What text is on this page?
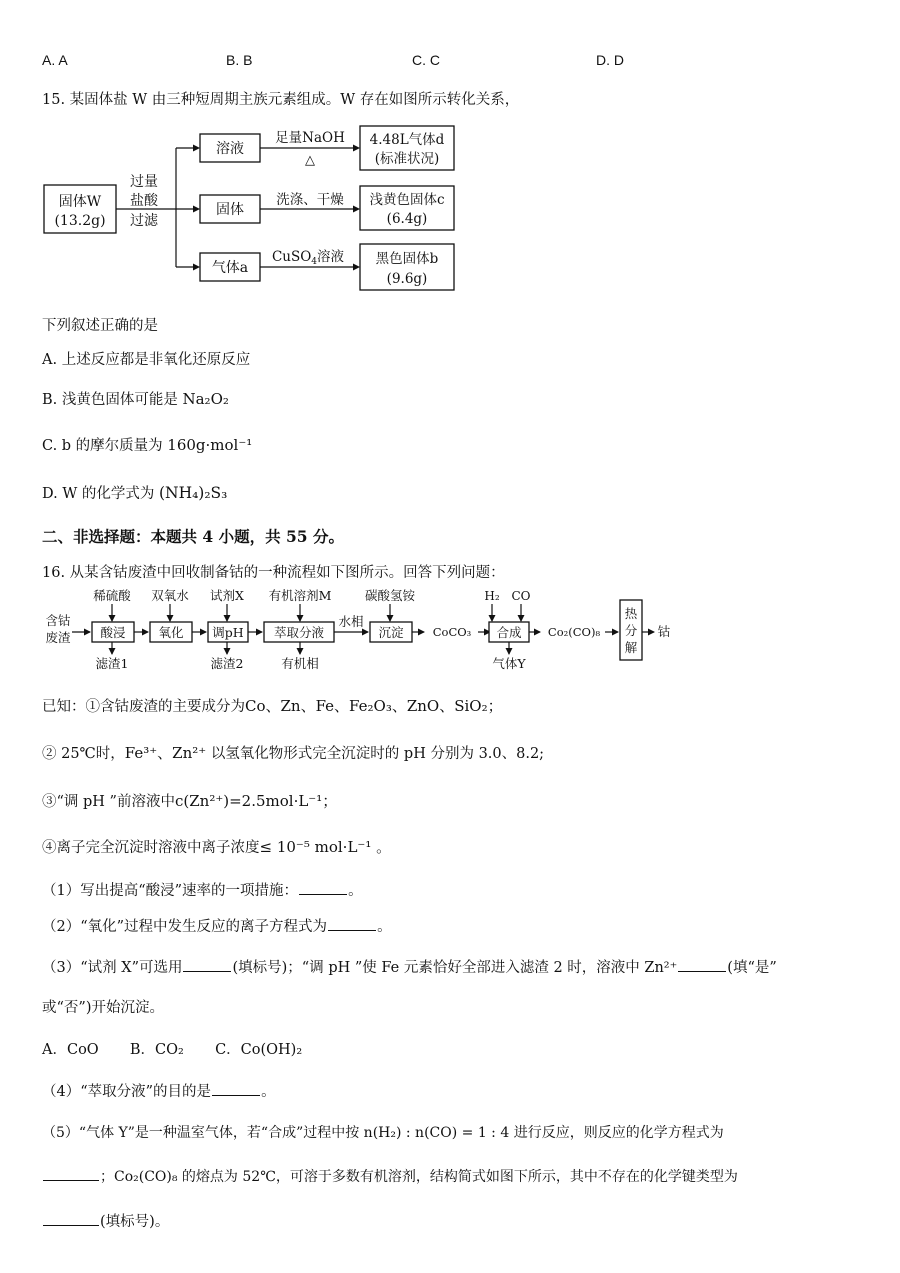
A. A	B. B	C. C	D. D
15. 某固体盐 W 由三种短周期主族元素组成。W 存在如图所示转化关系，
固体W
(13.2g)
过量
盐酸
过滤
溶液
足量NaOH
△
4.48L气体d
(标准状况)
固体
洗涤、干燥 浅黄色固体c
(6.4g)
气体a
CuSO$_4$溶液 黑色固体b
(9.6g)
下列叙述正确的是
A. 上述反应都是非氧化还原反应
B. 浅黄色固体可能是 Na₂O₂
C. b 的摩尔质量为 160g·mol⁻¹
D. W 的化学式为 (NH₄)₂S₃
二、非选择题：本题共 4 小题，共 55 分。
16. 从某含钴废渣中回收制备钴的一种流程如下图所示。回答下列问题：
含钴
废渣
稀硫酸
酸浸
滤渣1
双氧水
氧化
试剂X
调pH
滤渣2
有机溶剂M
萃取分液
有机相
水相
碳酸氢铵
沉淀	CoCO₃
H₂ CO
合成
气体Y
Co₂(CO)₈
热
分
解
钴
已知：①含钴废渣的主要成分为Co、Zn、Fe、Fe₂O₃、ZnO、SiO₂；
② 25℃时，Fe³⁺、Zn²⁺ 以氢氧化物形式完全沉淀时的 pH 分别为 3.0、8.2;
③“调 pH ”前溶液中c(Zn²⁺)=2.5mol·L⁻¹；
④离子完全沉淀时溶液中离子浓度≤ 10⁻⁵ mol·L⁻¹ 。
（1）写出提高“酸浸”速率的一项措施：	。
（2）“氧化”过程中发生反应的离子方程式为	。
（3）“试剂 X”可选用	(填标号)；“调 pH ”使 Fe 元素恰好全部进入滤渣 2 时，溶液中 Zn²⁺	(填“是”
或“否”)开始沉淀。
A．CoO B．CO₂ C．Co(OH)₂
（4）“萃取分液”的目的是	。
（5）“气体 Y”是一种温室气体，若“合成”过程中按 n(H₂) : n(CO) = 1 : 4 进行反应，则反应的化学方程式为
；Co₂(CO)₈ 的熔点为 52℃，可溶于多数有机溶剂，结构简式如图下所示，其中不存在的化学键类型为
(填标号)。
